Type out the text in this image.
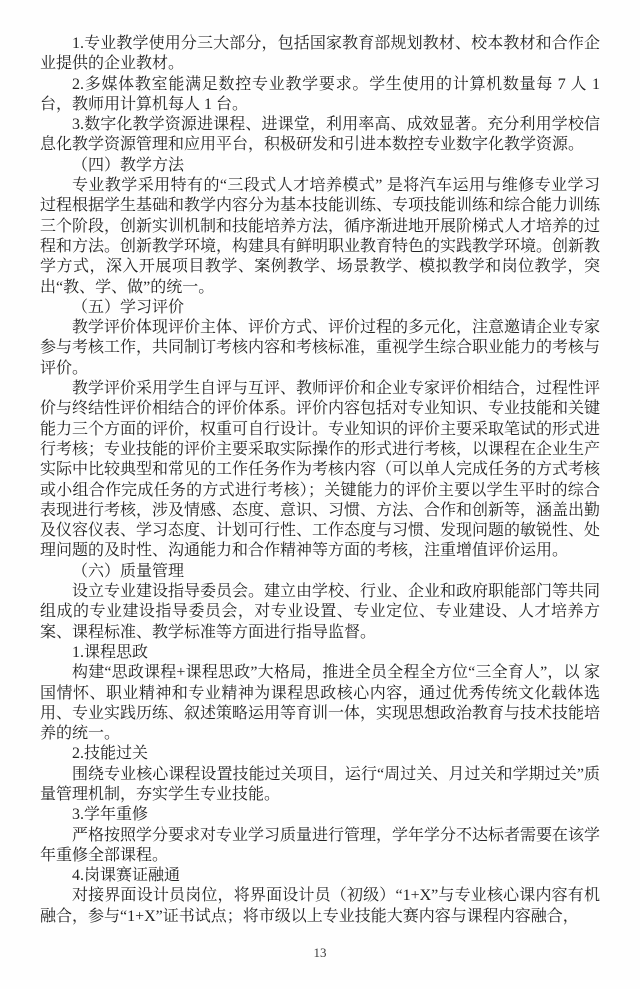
1.专业教学使用分三大部分，包括国家教育部规划教材、校本教材和合作企业提供的企业教材。

2.多媒体教室能满足数控专业教学要求。学生使用的计算机数量每 7 人 1 台，教师用计算机每人 1 台。

3.数字化教学资源进课程、进课堂，利用率高、成效显著。充分利用学校信息化教学资源管理和应用平台，积极研发和引进本数控专业数字化教学资源。

（四）教学方法

专业教学采用特有的“三段式人才培养模式” 是将汽车运用与维修专业学习过程根据学生基础和教学内容分为基本技能训练、专项技能训练和综合能力训练三个阶段，创新实训机制和技能培养方法，循序渐进地开展阶梯式人才培养的过程和方法。创新教学环境，构建具有鲜明职业教育特色的实践教学环境。创新教学方式，深入开展项目教学、案例教学、场景教学、模拟教学和岗位教学，突出“教、学、做”的统一。

（五）学习评价

教学评价体现评价主体、评价方式、评价过程的多元化，注意邀请企业专家参与考核工作，共同制订考核内容和考核标准，重视学生综合职业能力的考核与评价。

教学评价采用学生自评与互评、教师评价和企业专家评价相结合，过程性评价与终结性评价相结合的评价体系。评价内容包括对专业知识、专业技能和关键能力三个方面的评价，权重可自行设计。专业知识的评价主要采取笔试的形式进行考核；专业技能的评价主要采取实际操作的形式进行考核，以课程在企业生产实际中比较典型和常见的工作任务作为考核内容（可以单人完成任务的方式考核或小组合作完成任务的方式进行考核）；关键能力的评价主要以学生平时的综合表现进行考核，涉及情感、态度、意识、习惯、方法、合作和创新等，涵盖出勤及仪容仪表、学习态度、计划可行性、工作态度与习惯、发现问题的敏锐性、处理问题的及时性、沟通能力和合作精神等方面的考核，注重增值评价运用。

（六）质量管理

设立专业建设指导委员会。建立由学校、行业、企业和政府职能部门等共同组成的专业建设指导委员会，对专业设置、专业定位、专业建设、人才培养方案、课程标准、教学标准等方面进行指导监督。

1.课程思政

构建“思政课程+课程思政”大格局，推进全员全程全方位“三全育人”，以 家国情怀、职业精神和专业精神为课程思政核心内容，通过优秀传统文化载体选 用、专业实践历练、叙述策略运用等育训一体，实现思想政治教育与技术技能培养的统一。

2.技能过关

围绕专业核心课程设置技能过关项目，运行“周过关、月过关和学期过关”质量管理机制，夯实学生专业技能。

3.学年重修

严格按照学分要求对专业学习质量进行管理，学年学分不达标者需要在该学年重修全部课程。

4.岗课赛证融通

对接界面设计员岗位，将界面设计员（初级）“1+X”与专业核心课内容有机融合，参与“1+X”证书试点；将市级以上专业技能大赛内容与课程内容融合，

13
